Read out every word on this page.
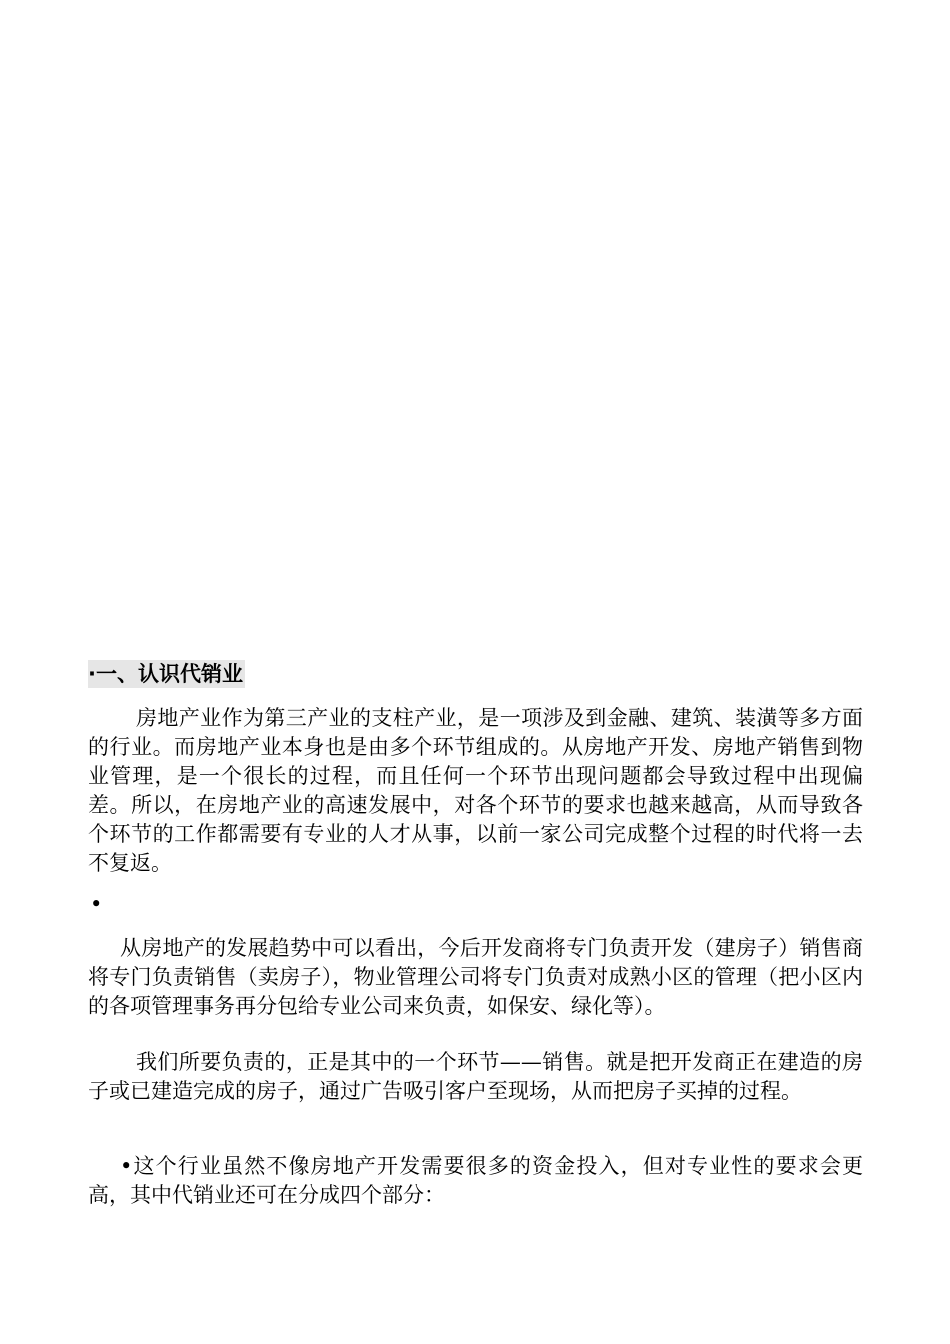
·一、认识代销业

房地产业作为第三产业的支柱产业，是一项涉及到金融、建筑、装潢等多方面的行业。而房地产业本身也是由多个环节组成的。从房地产开发、房地产销售到物业管理，是一个很长的过程，而且任何一个环节出现问题都会导致过程中出现偏差。所以，在房地产业的高速发展中，对各个环节的要求也越来越高，从而导致各个环节的工作都需要有专业的人才从事，以前一家公司完成整个过程的时代将一去不复返。

•

从房地产的发展趋势中可以看出，今后开发商将专门负责开发（建房子）销售商将专门负责销售（卖房子），物业管理公司将专门负责对成熟小区的管理（把小区内的各项管理事务再分包给专业公司来负责，如保安、绿化等）。

我们所要负责的，正是其中的一个环节——销售。就是把开发商正在建造的房子或已建造完成的房子，通过广告吸引客户至现场，从而把房子买掉的过程。

•这个行业虽然不像房地产开发需要很多的资金投入，但对专业性的要求会更高，其中代销业还可在分成四个部分：
